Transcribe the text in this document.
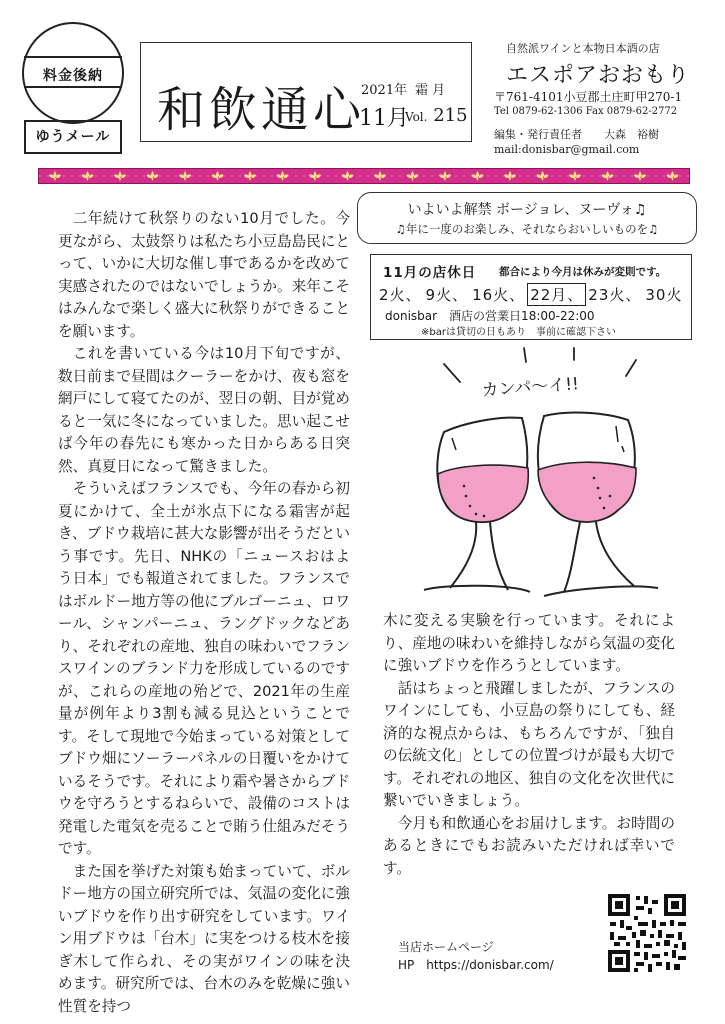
料金後納
ゆうメール 和飲通心
2021年 霜 月
11月
Vol. 215
自然派ワインと本物日本酒の店
エスポアおおもり
〒761-4101小豆郡土庄町甲270-1
Tel 0879-62-1306 Fax 0879-62-2772
編集・発行責任者　　大森　裕樹
mail:donisbar@gmail.com

二年続けて秋祭りのない10月でした。今更ながら、太鼓祭りは私たち小豆島島民にとって、いかに大切な催し事であるかを改めて実感されたのではないでしょうか。来年こそはみんなで楽しく盛大に秋祭りができることを願います。

これを書いている今は10月下旬ですが、数日前まで昼間はクーラーをかけ、夜も窓を網戸にして寝てたのが、翌日の朝、目が覚めると一気に冬になっていました。思い起こせば今年の春先にも寒かった日からある日突然、真夏日になって驚きました。

そういえばフランスでも、今年の春から初夏にかけて、全土が氷点下になる霜害が起き、ブドウ栽培に甚大な影響が出そうだという事です。先日、NHKの「ニュースおはよう日本」でも報道されてました。フランスではボルドー地方等の他にブルゴーニュ、ロワール、シャンパーニュ、ラングドックなどあり、それぞれの産地、独自の味わいでフランスワインのブランド力を形成しているのですが、これらの産地の殆どで、2021年の生産量が例年より3割も減る見込ということです。そして現地で今始まっている対策としてブドウ畑にソーラーパネルの日覆いをかけているそうです。それにより霜や暑さからブドウを守ろうとするねらいで、設備のコストは発電した電気を売ることで賄う仕組みだそうです。

また国を挙げた対策も始まっていて、ボルドー地方の国立研究所では、気温の変化に強いブドウを作り出す研究をしています。ワイン用ブドウは「台木」に実をつける枝木を接ぎ木して作られ、その実がワインの味を決めます。研究所では、台木のみを乾燥に強い性質を持つ

いよいよ解禁 ボージョレ、ヌーヴォ♫
♫年に一度のお楽しみ、それならおいしいものを♫
11月の店休日 都合により今月は休みが変則です。
2火、 9火、 16火、 22月、 23火、 30火
donisbar　酒店の営業日18:00-22:00
※barは貸切の日もあり　事前に確認下さい
カンパ〜イ!!

木に変える実験を行っています。それにより、産地の味わいを維持しながら気温の変化に強いブドウを作ろうとしています。

話はちょっと飛躍しましたが、フランスのワインにしても、小豆島の祭りにしても、経済的な視点からは、もちろんですが、「独自の伝統文化」としての位置づけが最も大切です。それぞれの地区、独自の文化を次世代に繋いでいきましょう。

今月も和飲通心をお届けします。お時間のあるときにでもお読みいただければ幸いです。

当店ホームページ
HP　https://donisbar.com/
